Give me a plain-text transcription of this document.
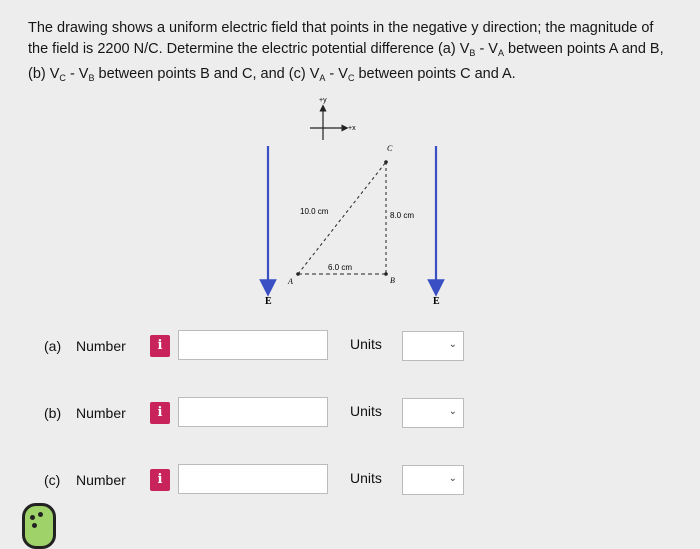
The drawing shows a uniform electric field that points in the negative y direction; the magnitude of

the field is 2200 N/C. Determine the electric potential difference (a) $V_B - V_A$ between points A and B,

(b) $V_C - V_B$ between points B and C, and (c) $V_A - V_C$ between points C and A.

+y
+x
E	E
C
A	B
10.0 cm	8.0 cm
6.0 cm
(a) Number	i	Units	⌄
(b) Number	i	Units	⌄
(c) Number	i	Units	⌄
